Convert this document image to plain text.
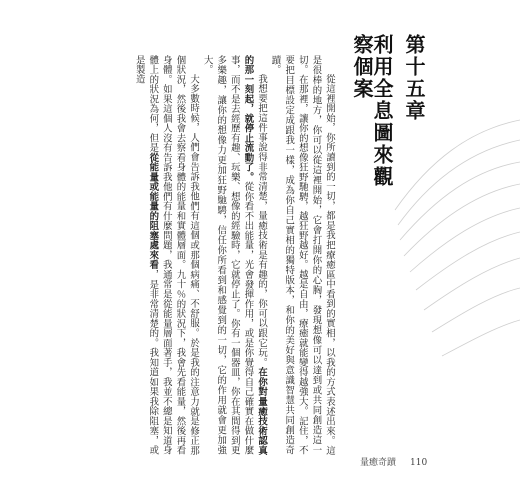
第十五章
利用全息圖來觀察個案

從這裡開始，你所讀到的一切，都是我把療癒區中看到的實相，以我的方式表述出來。這是很棒的地方，你可以從這裡開始，它會打開你的心胸，發現想像可以達到或共同創造這一切。在那裡，讓你的想像狂野馳騁，越狂野越好。越是自由，療癒就能變得越強大。記住，不要把目標設定成跟我一樣，成為你自己實相的獨特版本，和你的美好與意識智慧共同創造奇蹟。

我想要把這件事說得非常清楚，量癒技術是有趣的，你可以跟它玩。在你對量癒技術認真的那一刻起，就停止流動了。從你看不出能量，光會發揮作用，或是你覺得自己確實在做什麼事，而不是去經歷有趣、玩樂、想像的經驗時，它就停止了。你有一個器皿，你在其間得到更多樂趣，讓你的想像力更加狂野馳騁，信任你所看到和感覺到的一切，它的作用就會更加強大。

大多數時候，人們會告訴我他們有這個或那個病痛、不舒服。於是我的注意力就是修正那個狀況，然後我會去察看身體的能量和實體層面。九十％的狀況下，我會先看能量，然後再看身體。如果這個人沒有告訴我他們有什麼問題，我通常是從能量層面著手，我並不總是知道身體上的狀況為何，但是從能量或能量的阻塞處來看，是非常清楚的。我知道如果我除阻塞，或是製造

量癒奇蹟 110
